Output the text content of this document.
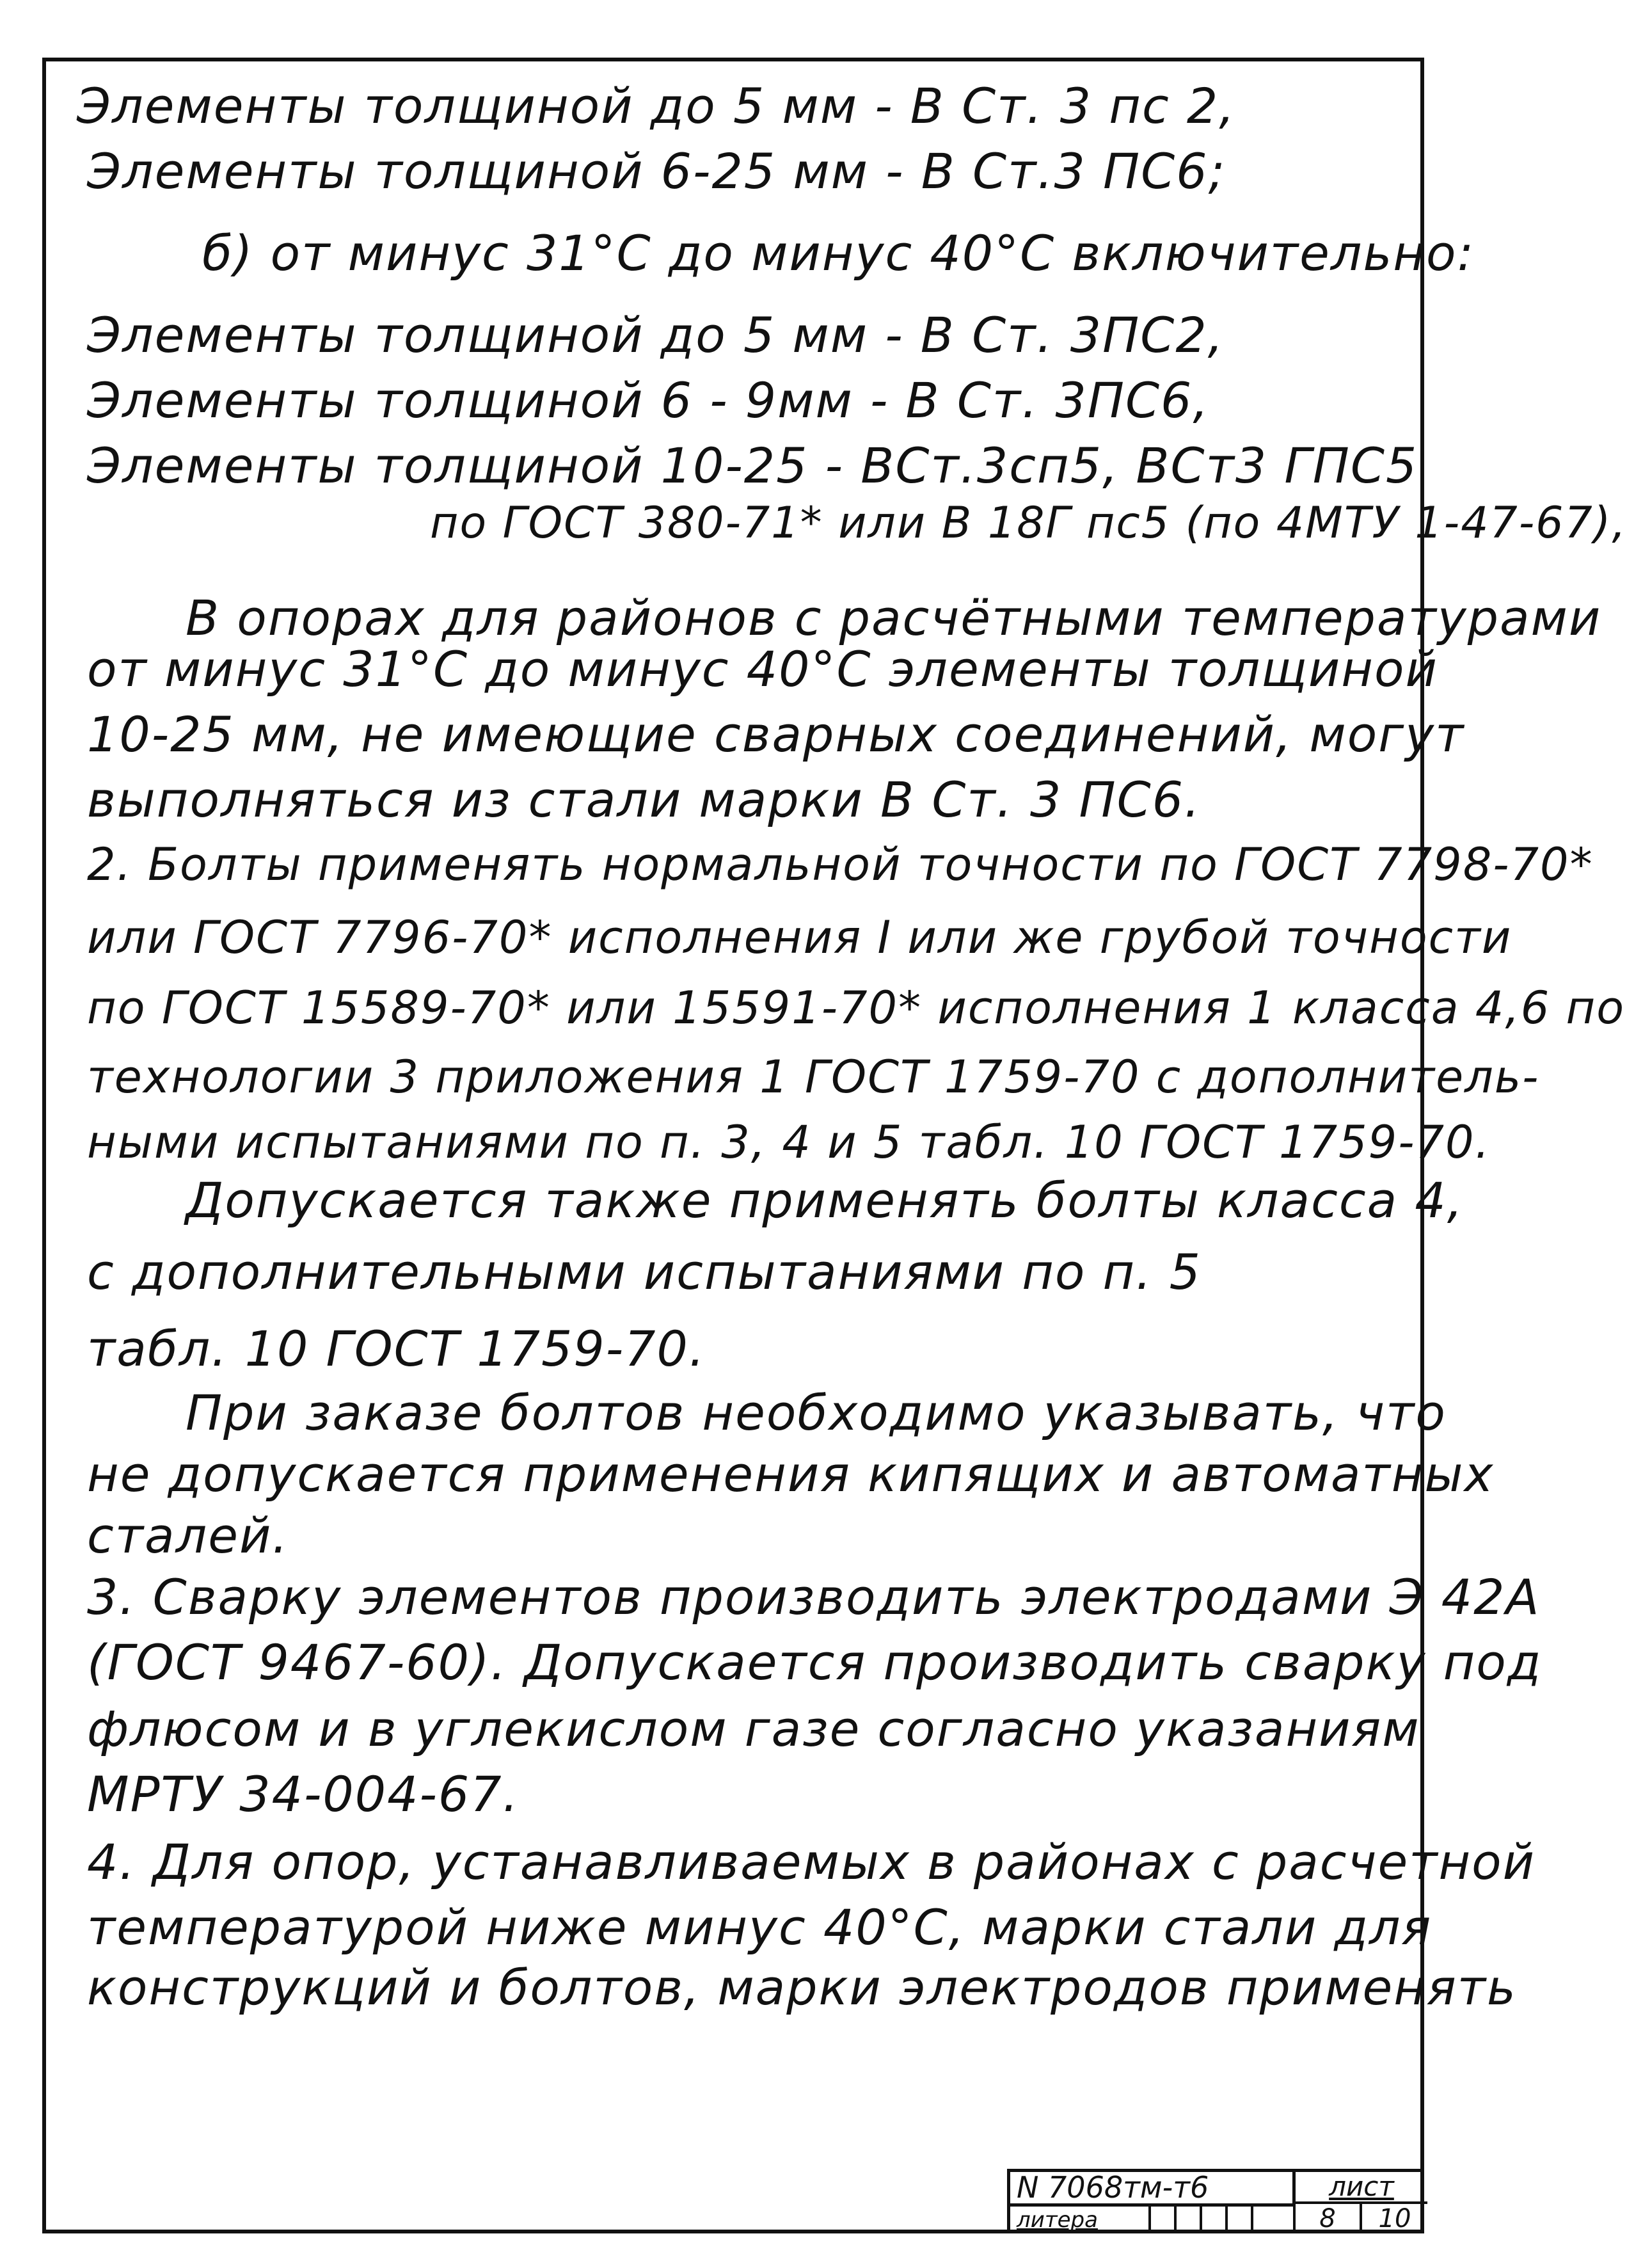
Элементы толщиной до 5 мм - В Ст. 3 пс 2,
Элементы толщиной 6-25 мм - В Ст.3 ПС6;
б) от минус 31°С до минус 40°С включительно:
Элементы толщиной до 5 мм - В Ст. 3ПС2,
Элементы толщиной 6 - 9мм - В Ст. 3ПС6,
Элементы толщиной 10-25 - ВСт.3сп5, ВСт3 ГПС5
по ГОСТ 380-71* или В 18Г пс5 (по 4МТУ 1-47-67),
В опорах для районов с расчётными температурами
от минус 31°С до минус 40°С элементы толщиной
10-25 мм, не имеющие сварных соединений, могут
выполняться из стали марки В Ст. 3 ПС6.
2. Болты применять нормальной точности по ГОСТ 7798-70*
или ГОСТ 7796-70* исполнения I или же грубой точности
по ГОСТ 15589-70* или 15591-70* исполнения 1 класса 4,6 по
технологии 3 приложения 1 ГОСТ 1759-70 с дополнитель-
ными испытаниями по п. 3, 4 и 5 табл. 10 ГОСТ 1759-70.
Допускается также применять болты класса 4,
с дополнительными испытаниями по п. 5
табл. 10 ГОСТ 1759-70.
При заказе болтов необходимо указывать, что
не допускается применения кипящих и автоматных
сталей.
3. Сварку элементов производить электродами Э 42А
(ГОСТ 9467-60). Допускается производить сварку под
флюсом и в углекислом газе согласно указаниям
МРТУ 34-004-67.
4. Для опор, устанавливаемых в районах с расчетной
температурой ниже минус 40°С, марки стали для
конструкций и болтов, марки электродов применять
N 7068тм-т6	лист
литера	8	10
